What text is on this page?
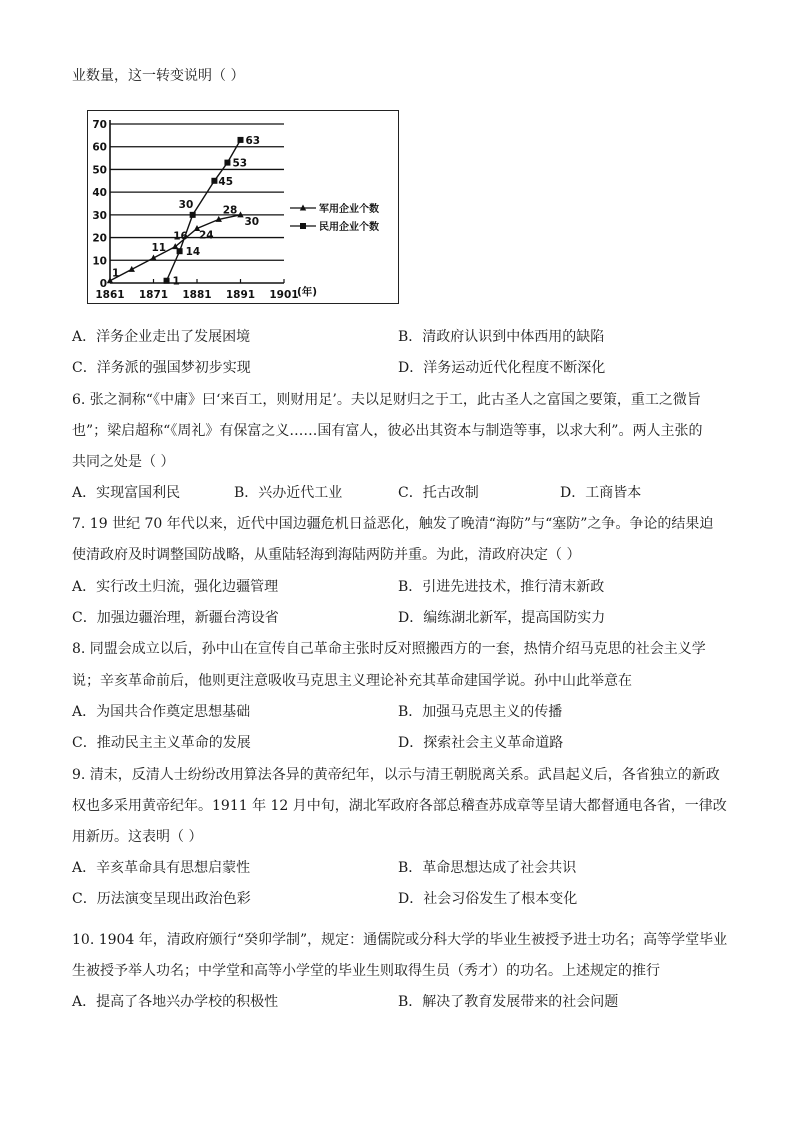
业数量，这一转变说明（ ）
0
10
20
30
40
50
60
70
1861 1871 1881 1891 1901
(年)
1
11
16 24
28
30
1
14
30
45
53
63
军用企业个数
民用企业个数
A．洋务企业走出了发展困境	B．清政府认识到中体西用的缺陷
C．洋务派的强国梦初步实现	D．洋务运动近代化程度不断深化
6. 张之洞称“《中庸》曰‘来百工，则财用足’。夫以足财归之于工，此古圣人之富国之要策，重工之微旨
也”；梁启超称“《周礼》有保富之义……国有富人，彼必出其资本与制造等事，以求大利”。两人主张的
共同之处是（ ）
A．实现富国利民	B．兴办近代工业	C．托古改制	D．工商皆本
7. 19 世纪 70 年代以来，近代中国边疆危机日益恶化，触发了晚清“海防”与“塞防”之争。争论的结果迫
使清政府及时调整国防战略，从重陆轻海到海陆两防并重。为此，清政府决定（ ）
A．实行改土归流，强化边疆管理	B．引进先进技术，推行清末新政
C．加强边疆治理，新疆台湾设省	D．编练湖北新军，提高国防实力
8. 同盟会成立以后，孙中山在宣传自己革命主张时反对照搬西方的一套，热情介绍马克思的社会主义学
说；辛亥革命前后，他则更注意吸收马克思主义理论补充其革命建国学说。孙中山此举意在
A．为国共合作奠定思想基础	B．加强马克思主义的传播
C．推动民主主义革命的发展	D．探索社会主义革命道路
9. 清末，反清人士纷纷改用算法各异的黄帝纪年，以示与清王朝脱离关系。武昌起义后，各省独立的新政
权也多采用黄帝纪年。1911 年 12 月中旬，湖北军政府各部总稽查苏成章等呈请大都督通电各省，一律改
用新历。这表明（ ）
A．辛亥革命具有思想启蒙性	B．革命思想达成了社会共识
C．历法演变呈现出政治色彩	D．社会习俗发生了根本变化
10. 1904 年，清政府颁行“癸卯学制”，规定：通儒院或分科大学的毕业生被授予进士功名；高等学堂毕业
生被授予举人功名；中学堂和高等小学堂的毕业生则取得生员（秀才）的功名。上述规定的推行
A．提高了各地兴办学校的积极性	B．解决了教育发展带来的社会问题
